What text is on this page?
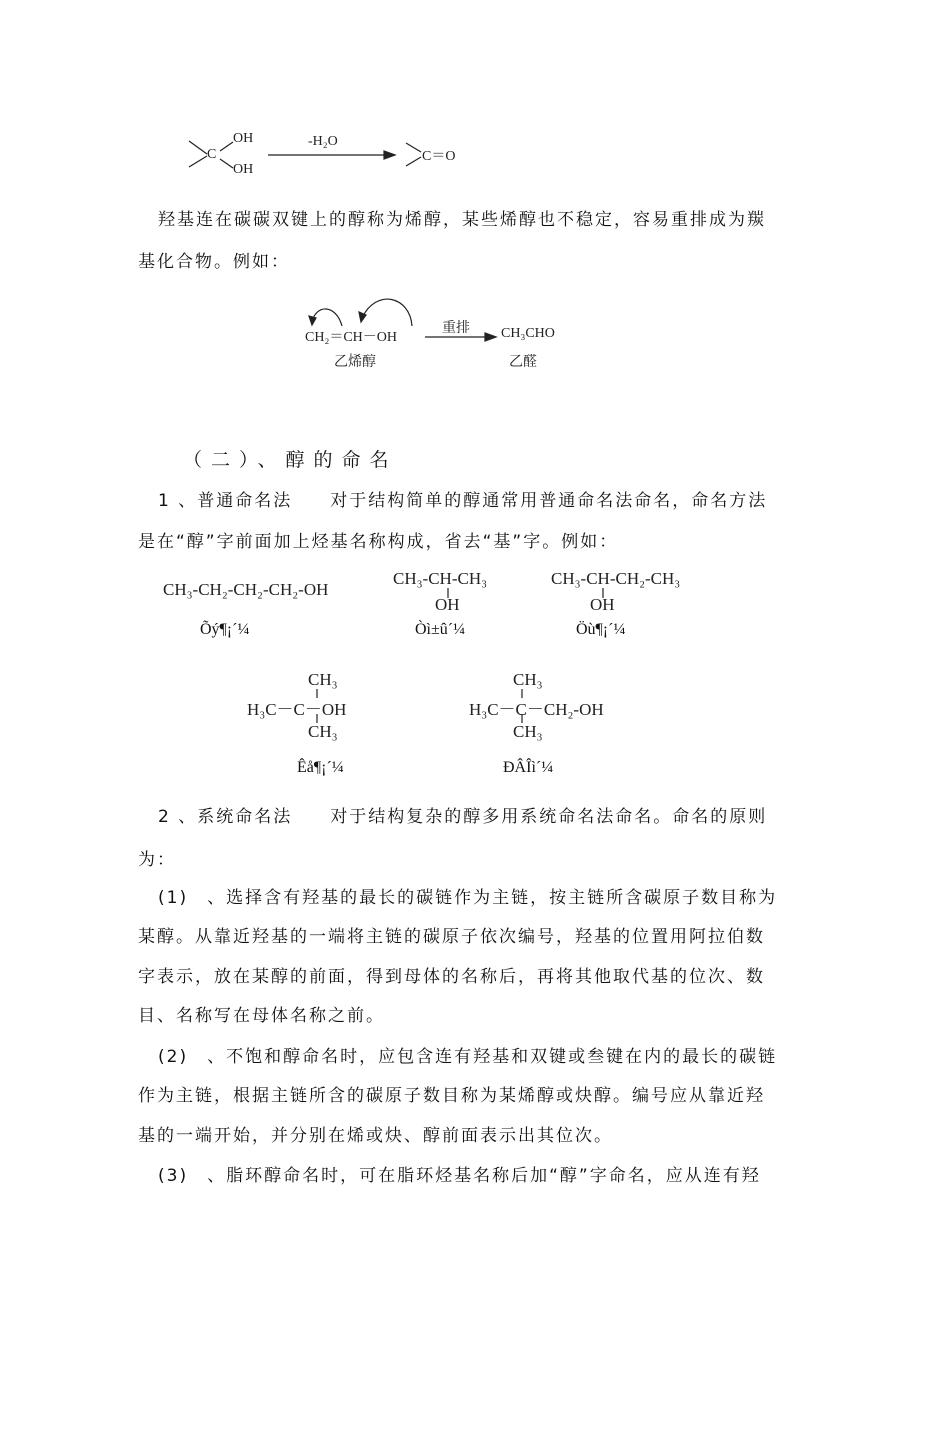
OH
C
OH
-H₂O
C＝O
羟基连在碳碳双键上的醇称为烯醇，某些烯醇也不稳定，容易重排成为羰
基化合物。例如：
CH₂＝CH－OH
重排 CH₃CHO
乙烯醇	乙醛
（二）、醇的命名
1 、普通命名法　　对于结构简单的醇通常用普通命名法命名，命名方法
是在“醇”字前面加上烃基名称构成，省去“基”字。例如：
CH₃-CH₂-CH₂-CH₂-OH
Õý¶¡´¼
CH₃-CH-CH₃
OH
Òì±û´¼
CH₃-CH-CH₂-CH₃
OH
Öù¶¡´¼
CH₃
H₃C－C－OH
CH₃
Êå¶¡´¼
CH₃
H₃C－C－CH₂-OH
CH₃
ÐÂÎì´¼
2 、系统命名法　　对于结构复杂的醇多用系统命名法命名。命名的原则
为：
(1)　、选择含有羟基的最长的碳链作为主链，按主链所含碳原子数目称为
某醇。从靠近羟基的一端将主链的碳原子依次编号，羟基的位置用阿拉伯数
字表示，放在某醇的前面，得到母体的名称后，再将其他取代基的位次、数
目、名称写在母体名称之前。
(2)　、不饱和醇命名时，应包含连有羟基和双键或叁键在内的最长的碳链
作为主链，根据主链所含的碳原子数目称为某烯醇或炔醇。编号应从靠近羟
基的一端开始，并分别在烯或炔、醇前面表示出其位次。
(3)　、脂环醇命名时，可在脂环烃基名称后加“醇”字命名，应从连有羟
